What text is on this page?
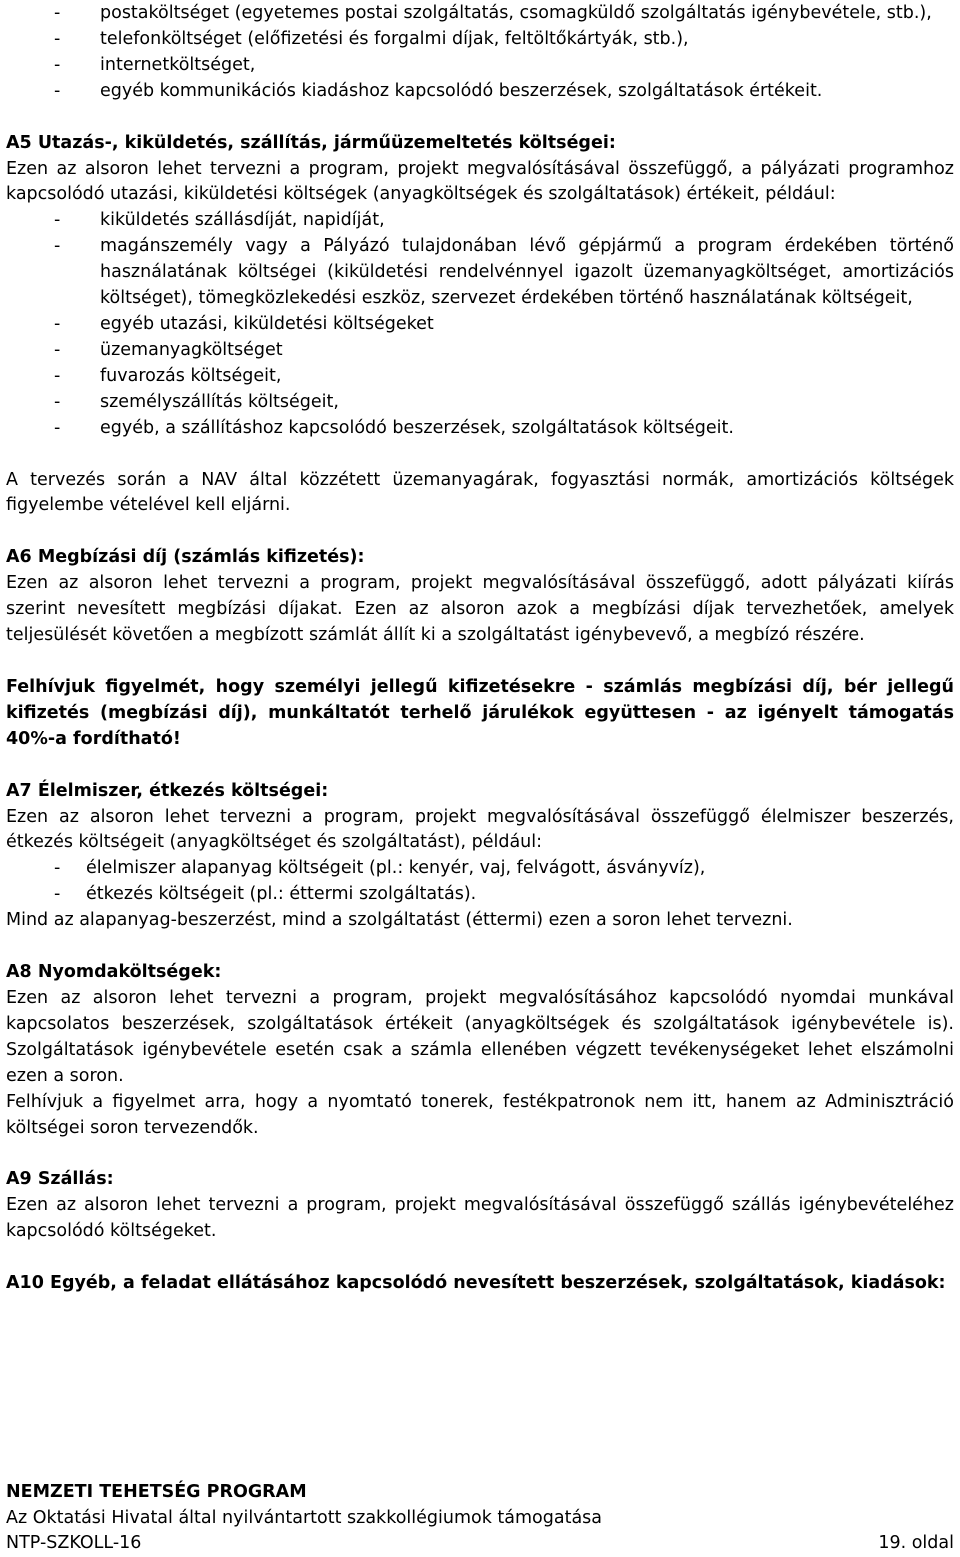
- postaköltséget (egyetemes postai szolgáltatás, csomagküldő szolgáltatás igénybevétele, stb.),
- telefonköltséget (előfizetési és forgalmi díjak, feltöltőkártyák, stb.),
- internetköltséget,
- egyéb kommunikációs kiadáshoz kapcsolódó beszerzések, szolgáltatások értékeit.

A5 Utazás-, kiküldetés, szállítás, járműüzemeltetés költségei:

Ezen az alsoron lehet tervezni a program, projekt megvalósításával összefüggő, a pályázati programhoz kapcsolódó utazási, kiküldetési költségek (anyagköltségek és szolgáltatások) értékeit, például:

- kiküldetés szállásdíját, napidíját,
- magánszemély vagy a Pályázó tulajdonában lévő gépjármű a program érdekében történő használatának költségei (kiküldetési rendelvénnyel igazolt üzemanyagköltséget, amortizációs költséget), tömegközlekedési eszköz, szervezet érdekében történő használatának költségeit,
- egyéb utazási, kiküldetési költségeket
- üzemanyagköltséget
- fuvarozás költségeit,
- személyszállítás költségeit,
- egyéb, a szállításhoz kapcsolódó beszerzések, szolgáltatások költségeit.

A tervezés során a NAV által közzétett üzemanyagárak, fogyasztási normák, amortizációs költségek figyelembe vételével kell eljárni.

A6 Megbízási díj (számlás kifizetés):

Ezen az alsoron lehet tervezni a program, projekt megvalósításával összefüggő, adott pályázati kiírás szerint nevesített megbízási díjakat. Ezen az alsoron azok a megbízási díjak tervezhetőek, amelyek teljesülését követően a megbízott számlát állít ki a szolgáltatást igénybevevő, a megbízó részére.

Felhívjuk figyelmét, hogy személyi jellegű kifizetésekre - számlás megbízási díj, bér jellegű kifizetés (megbízási díj), munkáltatót terhelő járulékok együttesen - az igényelt támogatás 40%-a fordítható!

A7 Élelmiszer, étkezés költségei:

Ezen az alsoron lehet tervezni a program, projekt megvalósításával összefüggő élelmiszer beszerzés, étkezés költségeit (anyagköltséget és szolgáltatást), például:

- élelmiszer alapanyag költségeit (pl.: kenyér, vaj, felvágott, ásványvíz),
- étkezés költségeit (pl.: éttermi szolgáltatás).

Mind az alapanyag-beszerzést, mind a szolgáltatást (éttermi) ezen a soron lehet tervezni.

A8 Nyomdaköltségek:

Ezen az alsoron lehet tervezni a program, projekt megvalósításához kapcsolódó nyomdai munkával kapcsolatos beszerzések, szolgáltatások értékeit (anyagköltségek és szolgáltatások igénybevétele is). Szolgáltatások igénybevétele esetén csak a számla ellenében végzett tevékenységeket lehet elszámolni ezen a soron.

Felhívjuk a figyelmet arra, hogy a nyomtató tonerek, festékpatronok nem itt, hanem az Adminisztráció költségei soron tervezendők.

A9 Szállás:

Ezen az alsoron lehet tervezni a program, projekt megvalósításával összefüggő szállás igénybevételéhez kapcsolódó költségeket.

A10 Egyéb, a feladat ellátásához kapcsolódó nevesített beszerzések, szolgáltatások, kiadások:

NEMZETI TEHETSÉG PROGRAM

Az Oktatási Hivatal által nyilvántartott szakkollégiumok támogatása

NTP-SZKOLL-16	19. oldal
